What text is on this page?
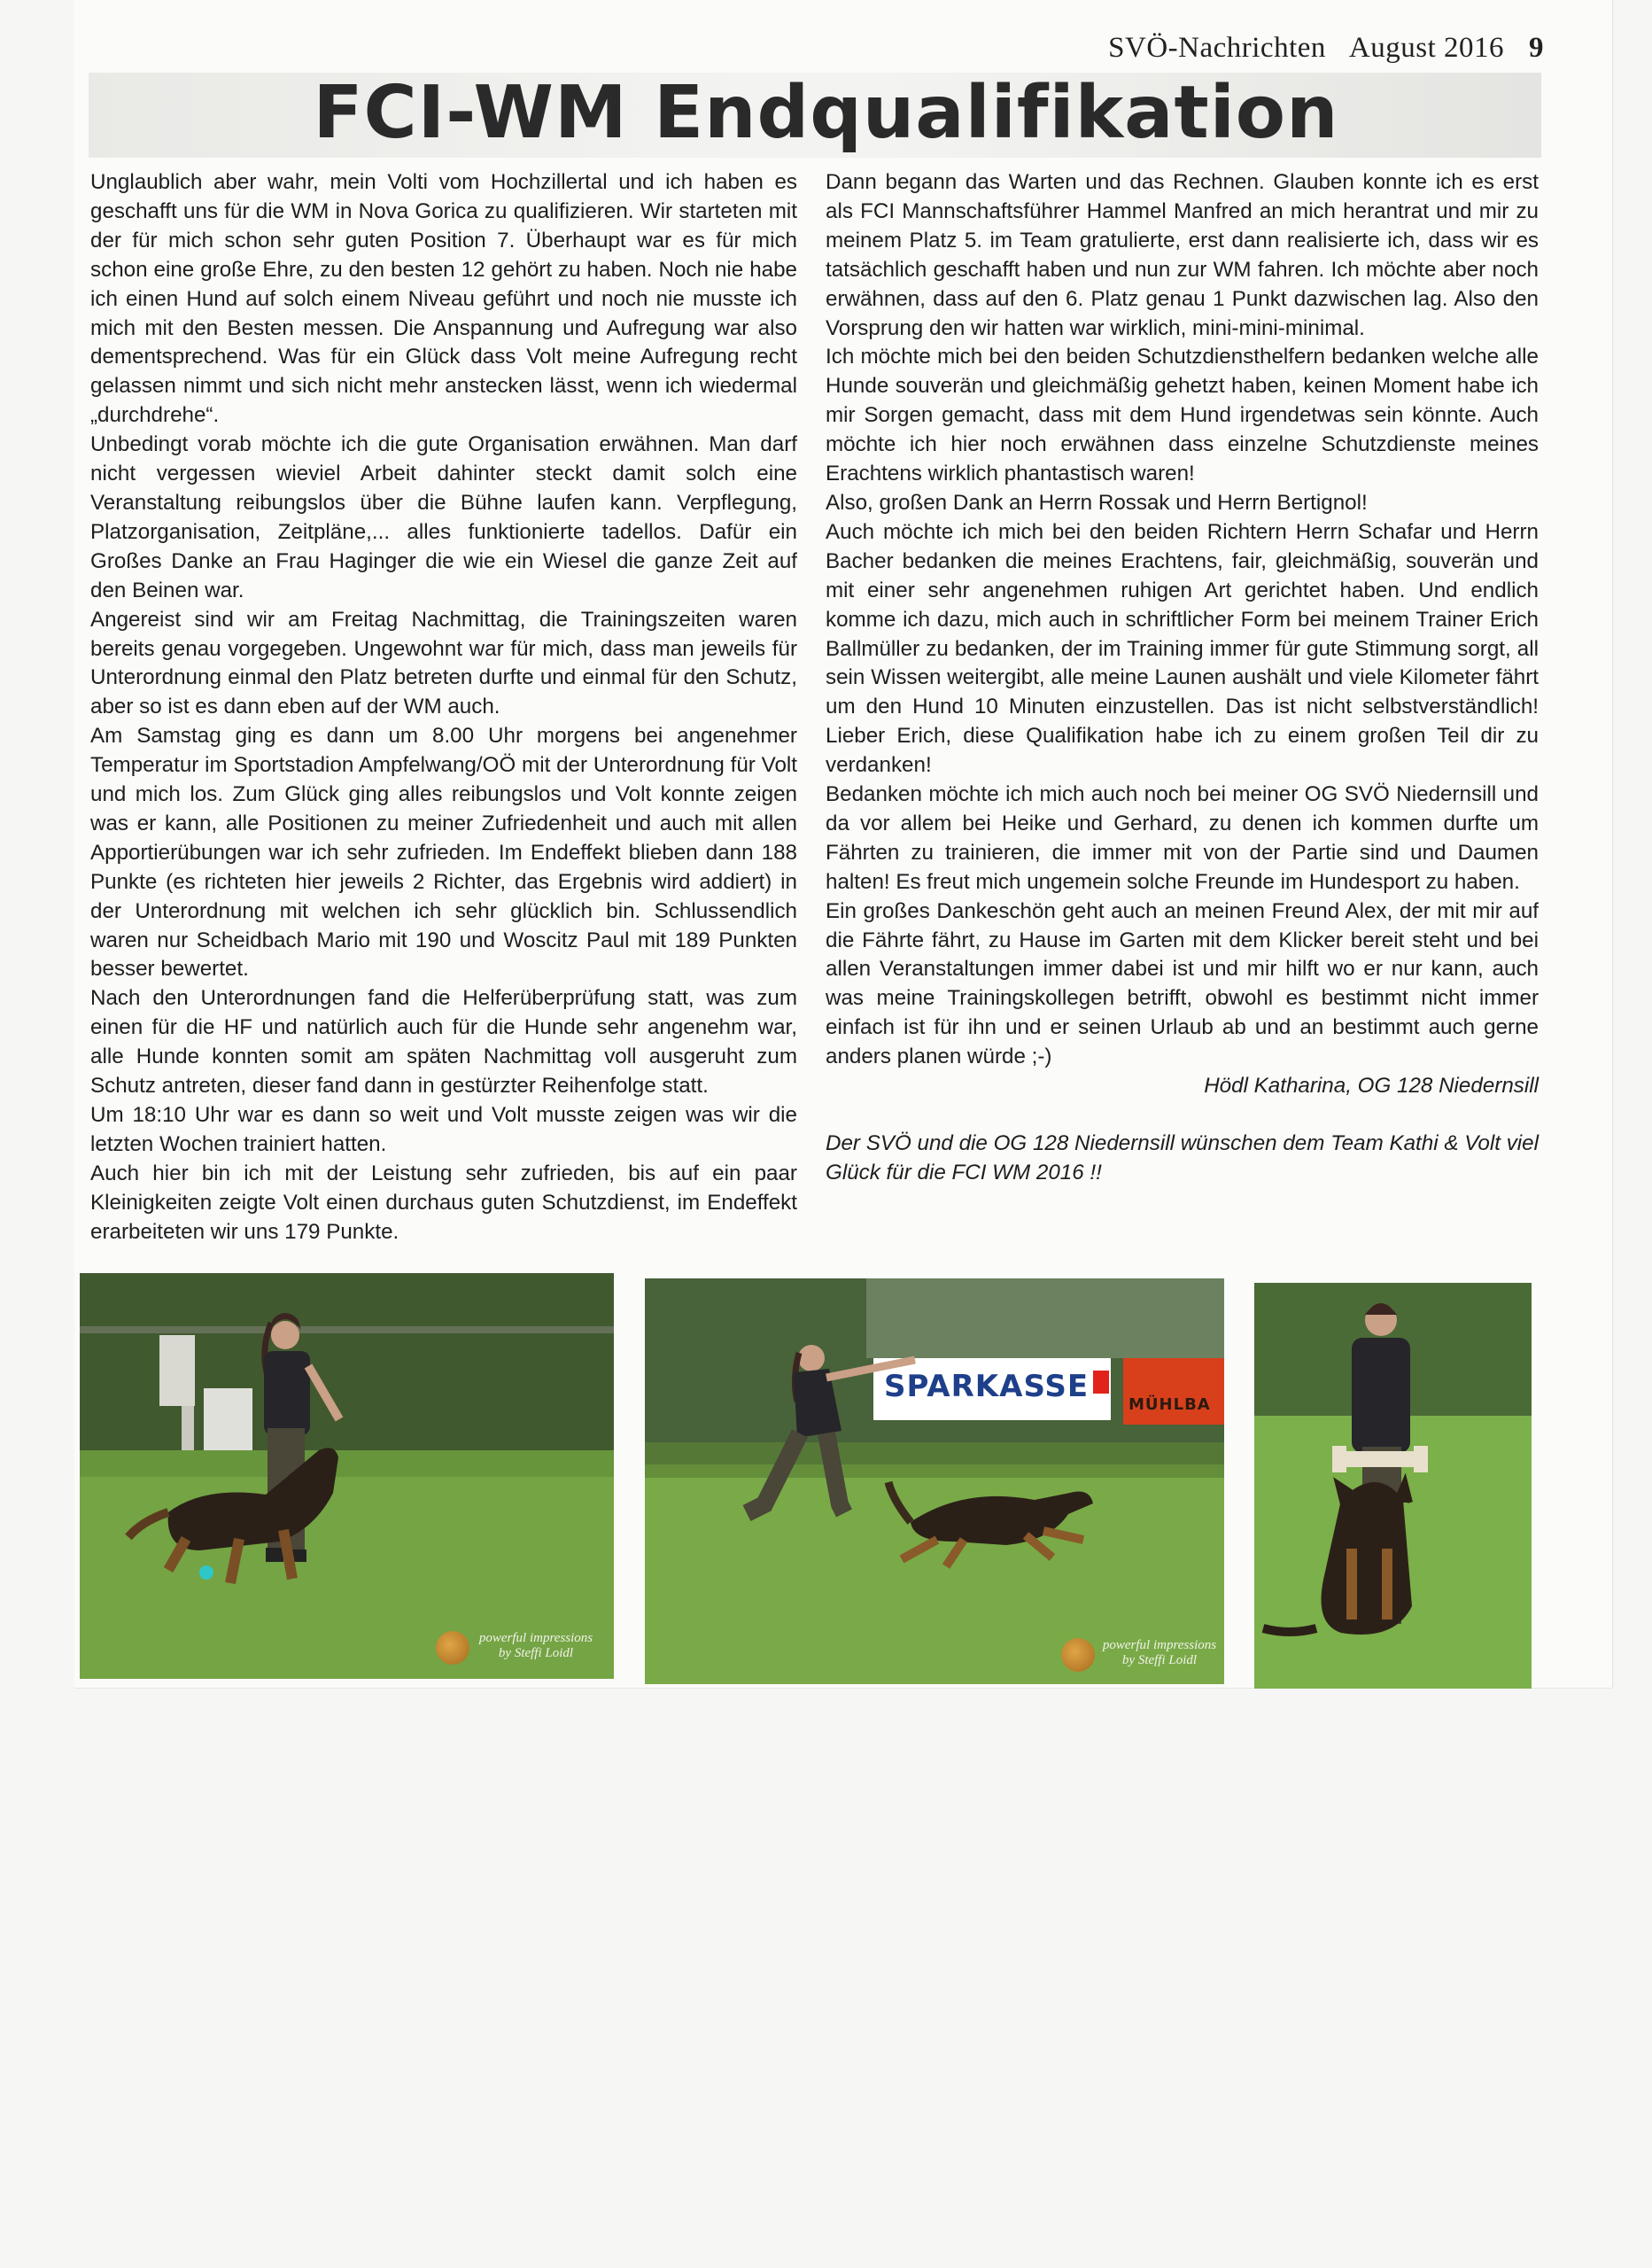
SVÖ-Nachrichten August 2016 9
FCI-WM Endqualifikation

Unglaublich aber wahr, mein Volti vom Hochzillertal und ich haben es geschafft uns für die WM in Nova Gorica zu qualifizieren. Wir starteten mit der für mich schon sehr guten Position 7. Überhaupt war es für mich schon eine große Ehre, zu den besten 12 gehört zu haben. Noch nie habe ich einen Hund auf solch einem Niveau geführt und noch nie musste ich mich mit den Besten messen. Die Anspannung und Aufregung war also dementsprechend. Was für ein Glück dass Volt meine Aufregung recht gelassen nimmt und sich nicht mehr anstecken lässt, wenn ich wiedermal „durchdrehe“.

Unbedingt vorab möchte ich die gute Organisation erwähnen. Man darf nicht vergessen wieviel Arbeit dahinter steckt damit solch eine Veranstaltung reibungslos über die Bühne laufen kann. Verpflegung, Platzorganisation, Zeitpläne,... alles funktionierte tadellos. Dafür ein Großes Danke an Frau Haginger die wie ein Wiesel die ganze Zeit auf den Beinen war.

Angereist sind wir am Freitag Nachmittag, die Trainingszeiten waren bereits genau vorgegeben. Ungewohnt war für mich, dass man jeweils für Unterordnung einmal den Platz betreten durfte und einmal für den Schutz, aber so ist es dann eben auf der WM auch.

Am Samstag ging es dann um 8.00 Uhr morgens bei angenehmer Temperatur im Sportstadion Ampfelwang/OÖ mit der Unterordnung für Volt und mich los. Zum Glück ging alles reibungslos und Volt konnte zeigen was er kann, alle Positionen zu meiner Zufriedenheit und auch mit allen Apportierübungen war ich sehr zufrieden. Im Endeffekt blieben dann 188 Punkte (es richteten hier jeweils 2 Richter, das Ergebnis wird addiert) in der Unterordnung mit welchen ich sehr glücklich bin. Schlussendlich waren nur Scheidbach Mario mit 190 und Woscitz Paul mit 189 Punkten besser bewertet.

Nach den Unterordnungen fand die Helferüberprüfung statt, was zum einen für die HF und natürlich auch für die Hunde sehr angenehm war, alle Hunde konnten somit am späten Nachmittag voll ausgeruht zum Schutz antreten, dieser fand dann in gestürzter Reihenfolge statt.

Um 18:10 Uhr war es dann so weit und Volt musste zeigen was wir die letzten Wochen trainiert hatten.

Auch hier bin ich mit der Leistung sehr zufrieden, bis auf ein paar Kleinigkeiten zeigte Volt einen durchaus guten Schutzdienst, im Endeffekt erarbeiteten wir uns 179 Punkte.

Dann begann das Warten und das Rechnen. Glauben konnte ich es erst als FCI Mannschaftsführer Hammel Manfred an mich herantrat und mir zu meinem Platz 5. im Team gratulierte, erst dann realisierte ich, dass wir es tatsächlich geschafft haben und nun zur WM fahren. Ich möchte aber noch erwähnen, dass auf den 6. Platz genau 1 Punkt dazwischen lag. Also den Vorsprung den wir hatten war wirklich, mini-mini-minimal.

Ich möchte mich bei den beiden Schutzdiensthelfern bedanken welche alle Hunde souverän und gleichmäßig gehetzt haben, keinen Moment habe ich mir Sorgen gemacht, dass mit dem Hund irgendetwas sein könnte. Auch möchte ich hier noch erwähnen dass einzelne Schutzdienste meines Erachtens wirklich phantastisch waren!

Also, großen Dank an Herrn Rossak und Herrn Bertignol!

Auch möchte ich mich bei den beiden Richtern Herrn Schafar und Herrn Bacher bedanken die meines Erachtens, fair, gleichmäßig, souverän und mit einer sehr angenehmen ruhigen Art gerichtet haben. Und endlich komme ich dazu, mich auch in schriftlicher Form bei meinem Trainer Erich Ballmüller zu bedanken, der im Training immer für gute Stimmung sorgt, all sein Wissen weitergibt, alle meine Launen aushält und viele Kilometer fährt um den Hund 10 Minuten einzustellen. Das ist nicht selbstverständlich! Lieber Erich, diese Qualifikation habe ich zu einem großen Teil dir zu verdanken!

Bedanken möchte ich mich auch noch bei meiner OG SVÖ Niedernsill und da vor allem bei Heike und Gerhard, zu denen ich kommen durfte um Fährten zu trainieren, die immer mit von der Partie sind und Daumen halten! Es freut mich ungemein solche Freunde im Hundesport zu haben.

Ein großes Dankeschön geht auch an meinen Freund Alex, der mit mir auf die Fährte fährt, zu Hause im Garten mit dem Klicker bereit steht und bei allen Veranstaltungen immer dabei ist und mir hilft wo er nur kann, auch was meine Trainingskollegen betrifft, obwohl es bestimmt nicht immer einfach ist für ihn und er seinen Urlaub ab und an bestimmt auch gerne anders planen würde ;-)

Hödl Katharina, OG 128 Niedernsill

Der SVÖ und die OG 128 Niedernsill wünschen dem Team Kathi & Volt viel Glück für die FCI WM 2016 !!

powerful impressions
by Steffi Loidl
SPARKASSE
MÜHLBA
powerful impressions
by Steffi Loidl
